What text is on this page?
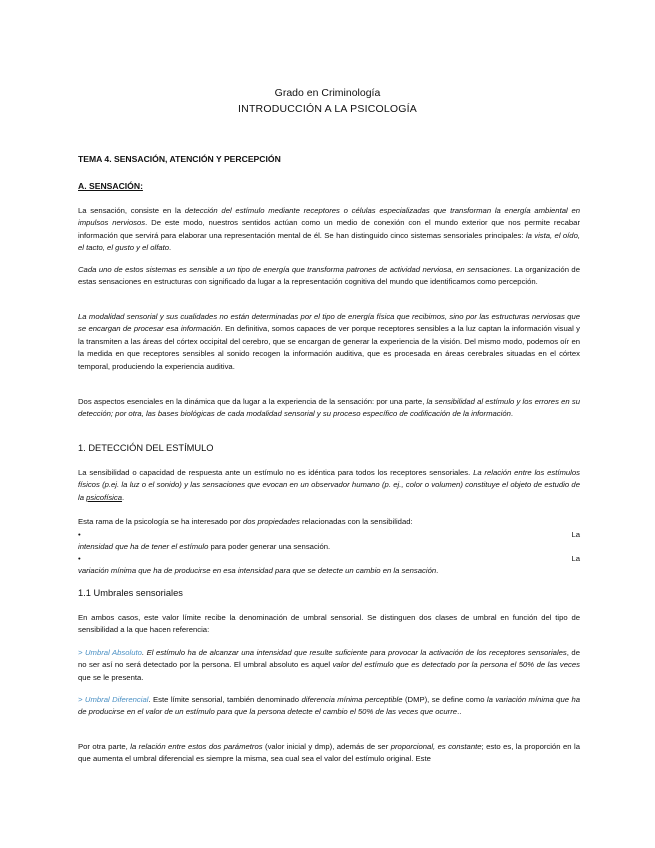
Grado en Criminología
INTRODUCCIÓN A LA PSICOLOGÍA
TEMA 4. SENSACIÓN, ATENCIÓN Y PERCEPCIÓN
A. SENSACIÓN:
La sensación, consiste en la detección del estímulo mediante receptores o células especializadas que transforman la energía ambiental en impulsos nerviosos. De este modo, nuestros sentidos actúan como un medio de conexión con el mundo exterior que nos permite recabar información que servirá para elaborar una representación mental de él. Se han distinguido cinco sistemas sensoriales principales: la vista, el oído, el tacto, el gusto y el olfato.
Cada uno de estos sistemas es sensible a un tipo de energía que transforma patrones de actividad nerviosa, en sensaciones. La organización de estas sensaciones en estructuras con significado da lugar a la representación cognitiva del mundo que identificamos como percepción.
La modalidad sensorial y sus cualidades no están determinadas por el tipo de energía física que recibimos, sino por las estructuras nerviosas que se encargan de procesar esa información. En definitiva, somos capaces de ver porque receptores sensibles a la luz captan la información visual y la transmiten a las áreas del córtex occipital del cerebro, que se encargan de generar la experiencia de la visión. Del mismo modo, podemos oír en la medida en que receptores sensibles al sonido recogen la información auditiva, que es procesada en áreas cerebrales situadas en el córtex temporal, produciendo la experiencia auditiva.
Dos aspectos esenciales en la dinámica que da lugar a la experiencia de la sensación: por una parte, la sensibilidad al estímulo y los errores en su detección; por otra, las bases biológicas de cada modalidad sensorial y su proceso específico de codificación de la información.
1. DETECCIÓN DEL ESTÍMULO
La sensibilidad o capacidad de respuesta ante un estímulo no es idéntica para todos los receptores sensoriales. La relación entre los estímulos físicos (p.ej. la luz o el sonido) y las sensaciones que evocan en un observador humano (p. ej., color o volumen) constituye el objeto de estudio de la psicofísica.
Esta rama de la psicología se ha interesado por dos propiedades relacionadas con la sensibilidad:
•	La
intensidad que ha de tener el estímulo para poder generar una sensación.
•	La
variación mínima que ha de producirse en esa intensidad para que se detecte un cambio en la sensación.
1.1 Umbrales sensoriales
En ambos casos, este valor límite recibe la denominación de umbral sensorial. Se distinguen dos clases de umbral en función del tipo de sensibilidad a la que hacen referencia:
> Umbral Absoluto. El estímulo ha de alcanzar una intensidad que resulte suficiente para provocar la activación de los receptores sensoriales, de no ser así no será detectado por la persona. El umbral absoluto es aquel valor del estímulo que es detectado por la persona el 50% de las veces que se le presenta.
> Umbral Diferencial. Este límite sensorial, también denominado diferencia mínima perceptible (DMP), se define como la variación mínima que ha de producirse en el valor de un estímulo para que la persona detecte el cambio el 50% de las veces que ocurre..
Por otra parte, la relación entre estos dos parámetros (valor inicial y dmp), además de ser proporcional, es constante; esto es, la proporción en la que aumenta el umbral diferencial es siempre la misma, sea cual sea el valor del estímulo original. Este
